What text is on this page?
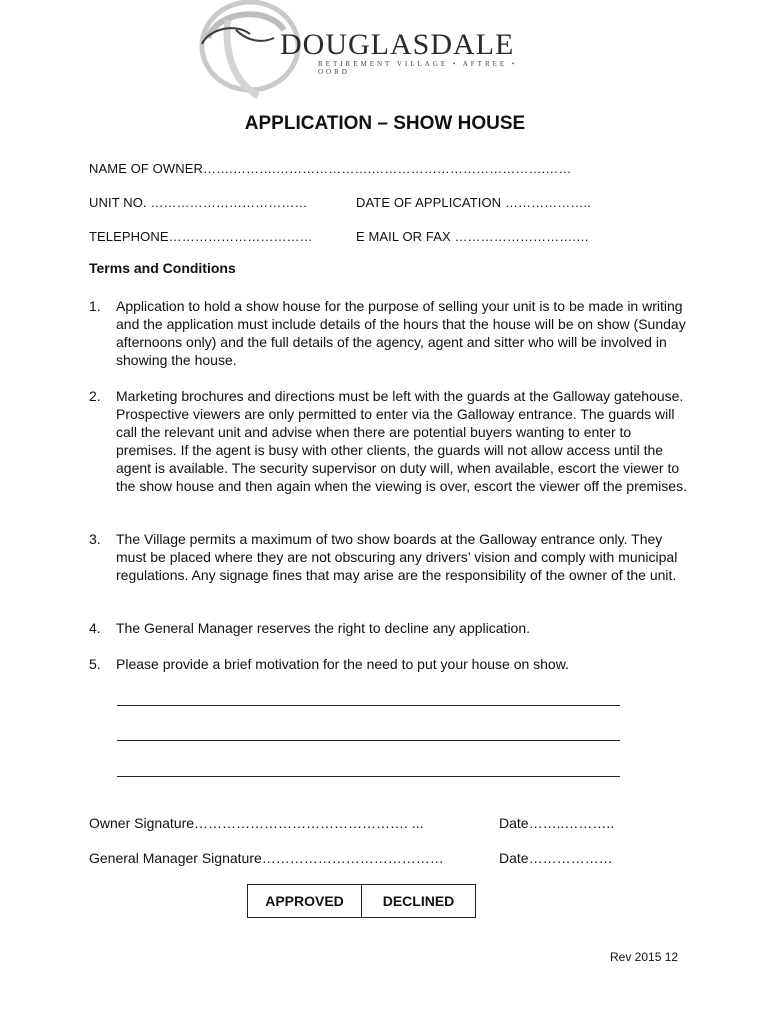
DOUGLASDALE
RETIREMENT VILLAGE • AFTREE • OORD
APPLICATION – SHOW HOUSE
NAME OF OWNER…….……….………………….………………………………….……
UNIT NO. ………………………………	DATE OF APPLICATION ………………..
TELEPHONE……………………………	E MAIL OR FAX ……………………….…
Terms and Conditions
1. Application to hold a show house for the purpose of selling your unit is to be made in writing and the application must include details of the hours that the house will be on show (Sunday afternoons only) and the full details of the agency, agent and sitter who will be involved in showing the house.
2. Marketing brochures and directions must be left with the guards at the Galloway gatehouse. Prospective viewers are only permitted to enter via the Galloway entrance. The guards will call the relevant unit and advise when there are potential buyers wanting to enter to premises. If the agent is busy with other clients, the guards will not allow access until the agent is available. The security supervisor on duty will, when available, escort the viewer to the show house and then again when the viewing is over, escort the viewer off the premises.
3. The Village permits a maximum of two show boards at the Galloway entrance only. They must be placed where they are not obscuring any drivers’ vision and comply with municipal regulations. Any signage fines that may arise are the responsibility of the owner of the unit.
4. The General Manager reserves the right to decline any application.
5. Please provide a brief motivation for the need to put your house on show.
Owner Signature………………………………………. ...	Date……..………..
General Manager Signature…………………………………	Date………………
APPROVED	DECLINED
Rev 2015 12
